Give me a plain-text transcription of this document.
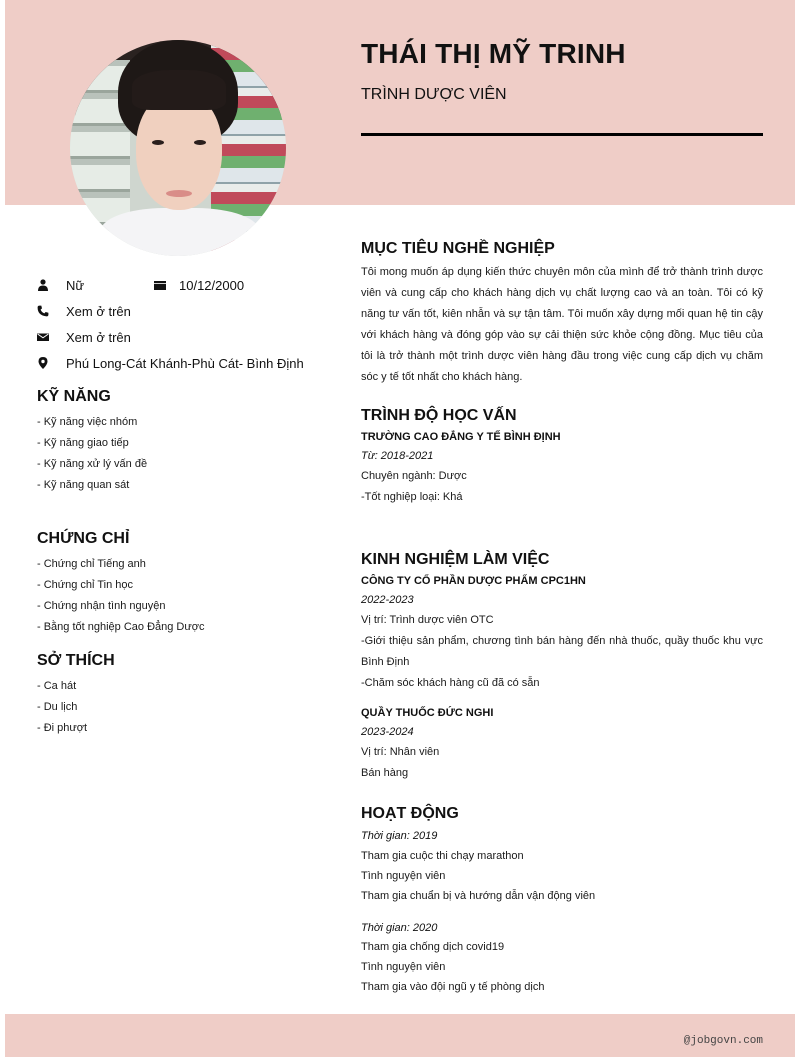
THÁI THỊ MỸ TRINH
TRÌNH DƯỢC VIÊN
Nữ	10/12/2000
Xem ở trên
Xem ở trên
Phú Long-Cát Khánh-Phù Cát- Bình Định
KỸ NĂNG
- Kỹ năng việc nhóm
- Kỹ năng giao tiếp
- Kỹ năng xử lý vấn đề
- Kỹ năng quan sát
CHỨNG CHỈ
- Chứng chỉ Tiếng anh
- Chứng chỉ Tin học
- Chứng nhận tình nguyện
- Bằng tốt nghiệp Cao Đẳng Dược
SỞ THÍCH
- Ca hát
- Du lịch
- Đi phượt
MỤC TIÊU NGHỀ NGHIỆP
Tôi mong muốn áp dụng kiến thức chuyên môn của mình để trở thành trình dược viên và cung cấp cho khách hàng dịch vụ chất lượng cao và an toàn. Tôi có kỹ năng tư vấn tốt, kiên nhẫn và sự tận tâm. Tôi muốn xây dựng mối quan hệ tin cậy với khách hàng và đóng góp vào sự cải thiện sức khỏe cộng đồng. Mục tiêu của tôi là trở thành một trình dược viên hàng đầu trong việc cung cấp dịch vụ chăm sóc y tế tốt nhất cho khách hàng.
TRÌNH ĐỘ HỌC VẤN
TRƯỜNG CAO ĐẲNG Y TẾ BÌNH ĐỊNH
Từ: 2018-2021
Chuyên ngành: Dược
-Tốt nghiệp loại: Khá
KINH NGHIỆM LÀM VIỆC
CÔNG TY CỔ PHẦN DƯỢC PHẨM CPC1HN
2022-2023
Vị trí: Trình dược viên OTC
-Giới thiệu sản phẩm, chương tình bán hàng đến nhà thuốc, quầy thuốc khu vực Bình Định
-Chăm sóc khách hàng cũ đã có sẵn
QUẦY THUỐC ĐỨC NGHI
2023-2024
Vị trí: Nhân viên
Bán hàng
HOẠT ĐỘNG
Thời gian: 2019
Tham gia cuộc thi chạy marathon
Tình nguyện viên
Tham gia chuẩn bị và hướng dẫn vận động viên
Thời gian: 2020
Tham gia chống dịch covid19
Tình nguyện viên
Tham gia vào đội ngũ y tế phòng dịch
@jobgovn.com
